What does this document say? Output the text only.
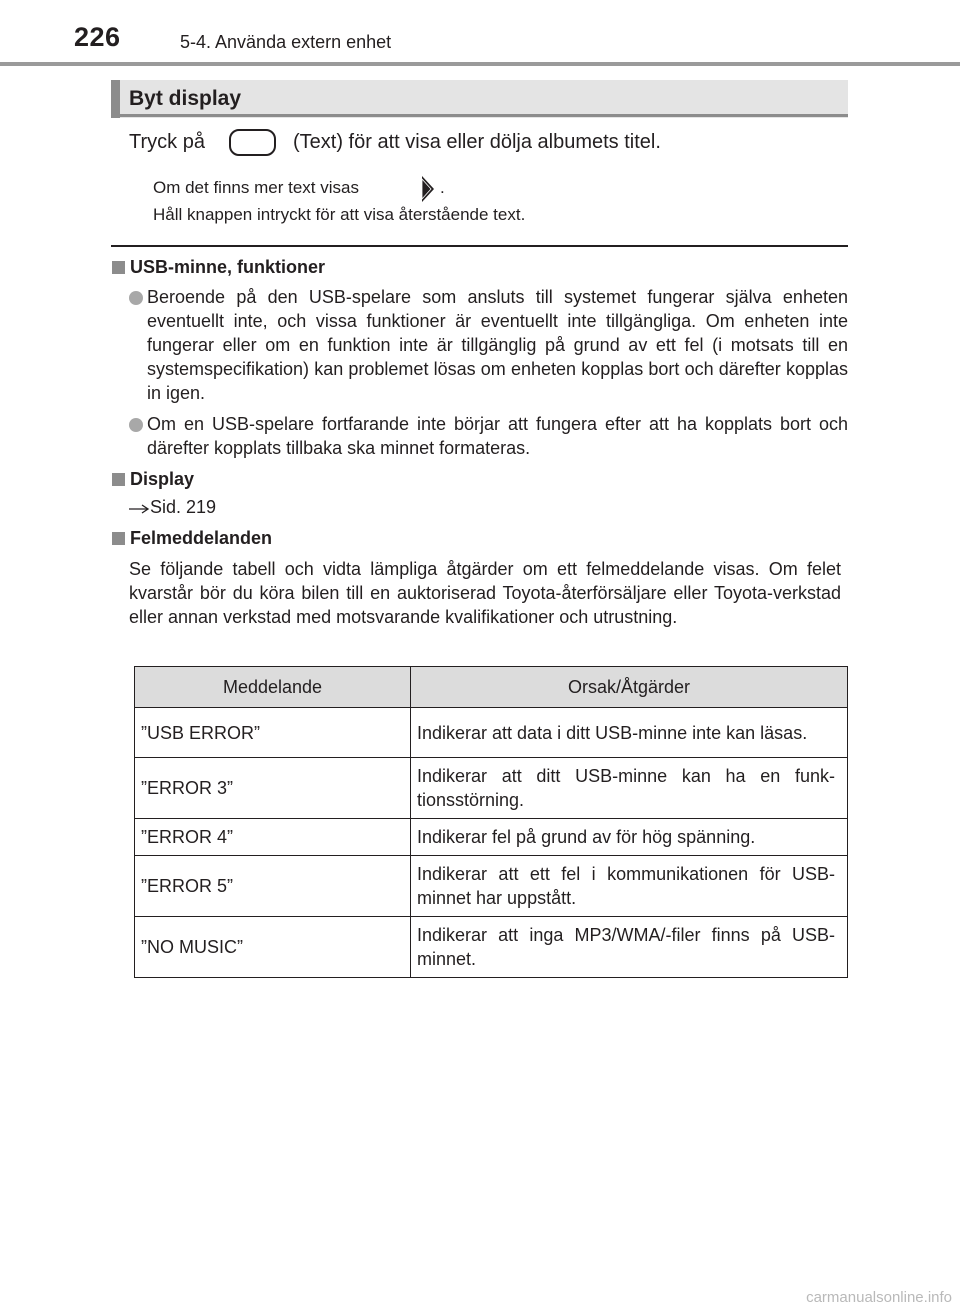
226	5-4. Använda extern enhet
Byt display
Tryck på	(Text) för att visa eller dölja albumets titel.
Om det finns mer text visas	.
Håll knappen intryckt för att visa återstående text.
USB-minne, funktioner
Beroende på den USB-spelare som ansluts till systemet fungerar själva enheten eventuellt inte, och vissa funktioner är eventuellt inte tillgängliga. Om enheten inte fungerar eller om en funktion inte är tillgänglig på grund av ett fel (i motsats till en systemspecifikation) kan problemet lösas om enheten kopplas bort och därefter kopplas in igen.
Om en USB-spelare fortfarande inte börjar att fungera efter att ha kopplats bort och därefter kopplats tillbaka ska minnet formateras.
Display
Sid. 219
Felmeddelanden
Se följande tabell och vidta lämpliga åtgärder om ett felmeddelande visas. Om felet kvarstår bör du köra bilen till en auktoriserad Toyota-återförsäljare eller Toyota-verkstad eller annan verkstad med motsvarande kvalifikationer och utrustning.
Meddelande	Orsak/Åtgärder
”USB ERROR”	Indikerar att data i ditt USB-minne inte kan läsas.
”ERROR 3”	Indikerar att ditt USB-minne kan ha en funk-tionsstörning.
”ERROR 4”	Indikerar fel på grund av för hög spänning.
”ERROR 5”	Indikerar att ett fel i kommunikationen för USB-minnet har uppstått.
”NO MUSIC”	Indikerar att inga MP3/WMA/-filer finns på USB-minnet.
carmanualsonline.info
